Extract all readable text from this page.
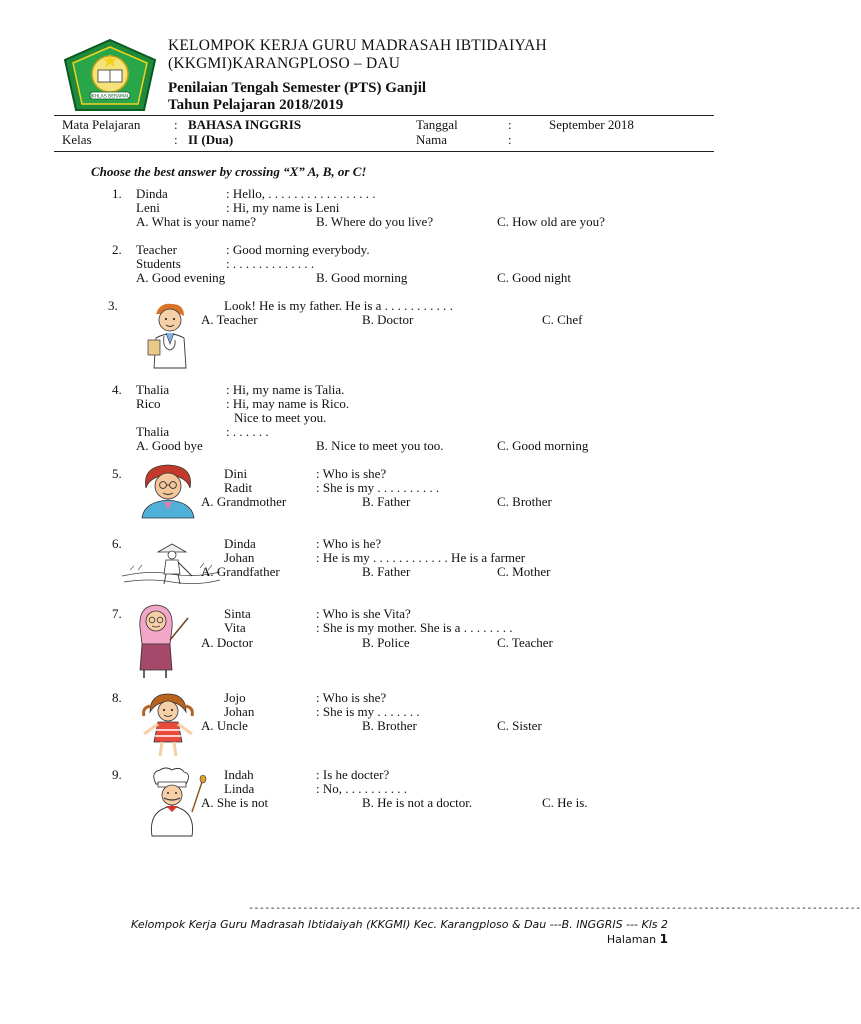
IKHLAS BERAMAL
KELOMPOK KERJA GURU MADRASAH IBTIDAIYAH
(KKGMI)KARANGPLOSO – DAU
Penilaian Tengah Semester (PTS) Ganjil
Tahun Pelajaran 2018/2019
Mata Pelajaran	: BAHASA INGGRIS	Tanggal	:	September 2018
Kelas	: II (Dua)	Nama	:
Choose the best answer by crossing “X” A, B, or C!
1. Dinda	: Hello, . . . . . . . . . . . . . . . . .
Leni	: Hi, my name is Leni
A. What is your name?	B. Where do you live?	C. How old are you?
2. Teacher	: Good morning everybody.
Students	: . . . . . . . . . . . . .
A. Good evening	B. Good morning	C. Good night
3.	Look! He is my father. He is a . . . . . . . . . . .
A. Teacher	B. Doctor	C. Chef
4. Thalia	: Hi, my name is Talia.
Rico	: Hi, may name is Rico.
Nice to meet you.
Thalia	: . . . . . .
A. Good bye	B. Nice to meet you too.	C. Good morning
5.	Dini	: Who is she?
Radit	: She is my . . . . . . . . . .
A. Grandmother	B. Father	C. Brother
6.	Dinda	: Who is he?
Johan	: He is my . . . . . . . . . . . . He is a farmer
A. Grandfather	B. Father	C. Mother
7.	Sinta	: Who is she Vita?
Vita	: She is my mother. She is a . . . . . . . .
A. Doctor	B. Police	C. Teacher
8.	Jojo	: Who is she?
Johan	: She is my . . . . . . .
A. Uncle	B. Brother	C. Sister
9.	Indah	: Is he docter?
Linda	: No, . . . . . . . . . .
A. She is not	B. He is not a doctor.	C. He is.
-----------------------------------------------------------------------------------------------------------------
Kelompok Kerja Guru Madrasah Ibtidaiyah (KKGMI) Kec. Karangploso & Dau ---B. INGGRIS --- Kls 2
Halaman 1
